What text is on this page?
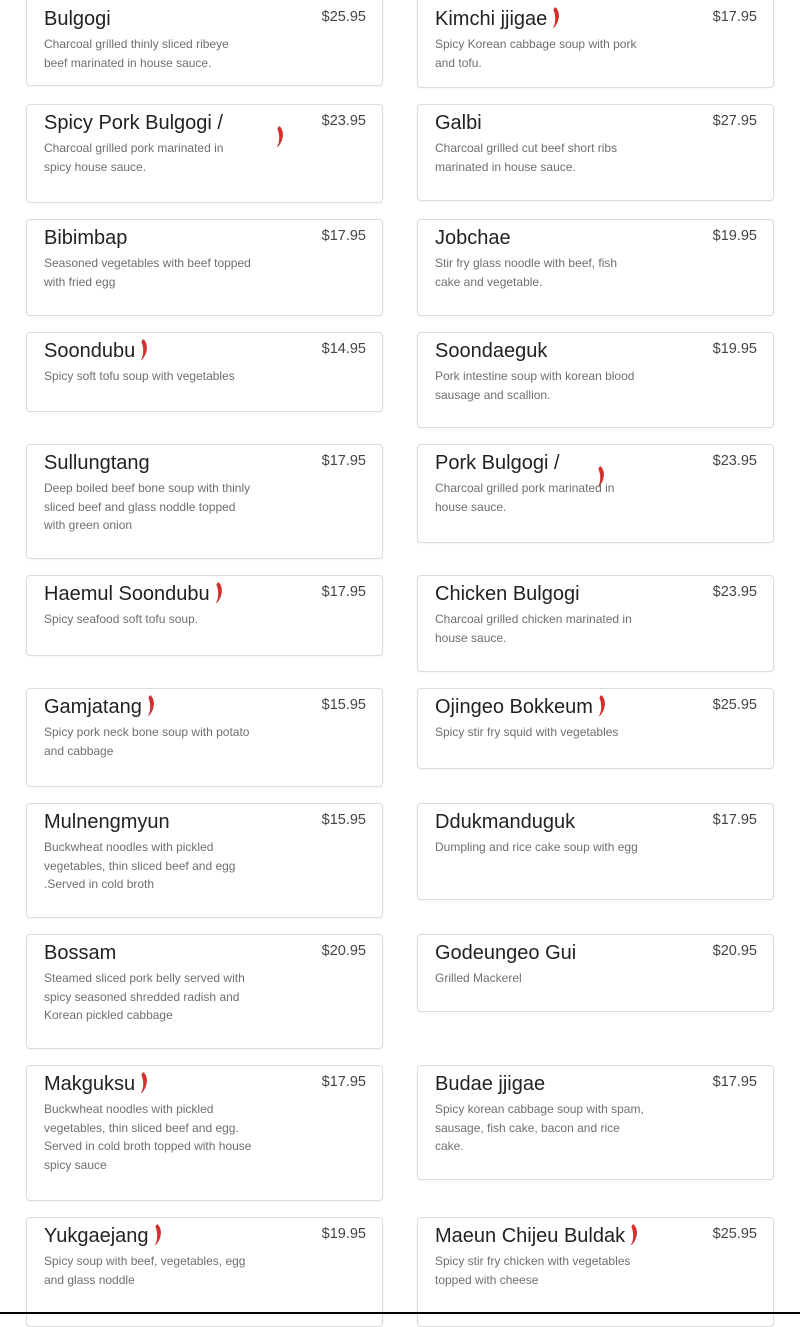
Bulgogi
Charcoal grilled thinly sliced ribeye beef marinated in house sauce.
$25.95	Kimchi jjigae
Spicy Korean cabbage soup with pork and tofu.
$17.95
Spicy Pork Bulgogi /
Charcoal grilled pork marinated in spicy house sauce.
$23.95	Galbi
Charcoal grilled cut beef short ribs marinated in house sauce.
$27.95
Bibimbap
Seasoned vegetables with beef topped with fried egg
$17.95	Jobchae
Stir fry glass noodle with beef, fish cake and vegetable.
$19.95
Soondubu
Spicy soft tofu soup with vegetables
$14.95	Soondaeguk
Pork intestine soup with korean blood sausage and scallion.
$19.95
Sullungtang
Deep boiled beef bone soup with thinly sliced beef and glass noddle topped with green onion
$17.95	Pork Bulgogi /
Charcoal grilled pork marinated in house sauce.
$23.95
Haemul Soondubu
Spicy seafood soft tofu soup.
$17.95	Chicken Bulgogi
Charcoal grilled chicken marinated in house sauce.
$23.95
Gamjatang
Spicy pork neck bone soup with potato and cabbage
$15.95	Ojingeo Bokkeum
Spicy stir fry squid with vegetables
$25.95
Mulnengmyun
Buckwheat noodles with pickled vegetables, thin sliced beef and egg .Served in cold broth
$15.95	Ddukmanduguk
Dumpling and rice cake soup with egg
$17.95
Bossam
Steamed sliced pork belly served with spicy seasoned shredded radish and Korean pickled cabbage
$20.95	Godeungeo Gui
Grilled Mackerel
$20.95
Makguksu
Buckwheat noodles with pickled vegetables, thin sliced beef and egg. Served in cold broth topped with house spicy sauce
$17.95	Budae jjigae
Spicy korean cabbage soup with spam, sausage, fish cake, bacon and rice cake.
$17.95
Yukgaejang
Spicy soup with beef, vegetables, egg and glass noddle
$19.95	Maeun Chijeu Buldak
Spicy stir fry chicken with vegetables topped with cheese
$25.95
